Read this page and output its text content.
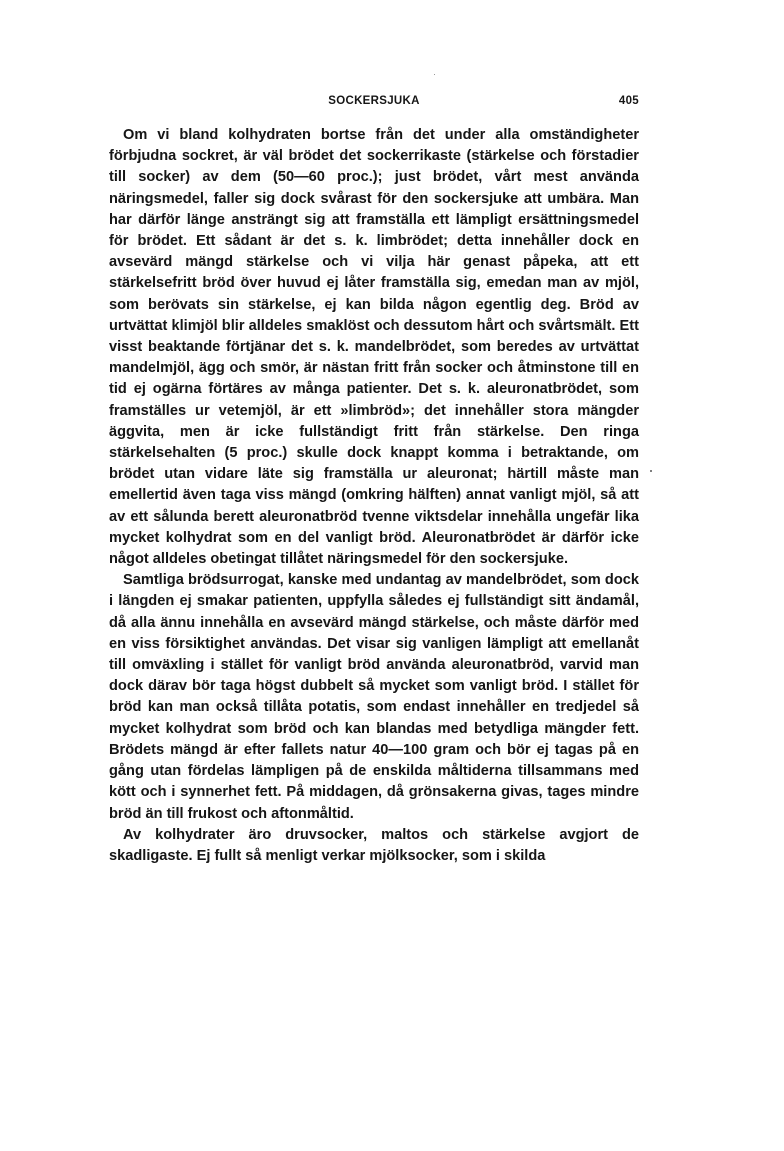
SOCKERSJUKA	405

Om vi bland kolhydraten bortse från det under alla omständigheter förbjudna sockret, är väl brödet det sockerrikaste (stärkelse och förstadier till socker) av dem (50—60 proc.); just brödet, vårt mest använda näringsmedel, faller sig dock svårast för den sockersjuke att umbära. Man har därför länge ansträngt sig att framställa ett lämpligt ersättningsmedel för brödet. Ett sådant är det s. k. limbrödet; detta innehåller dock en avsevärd mängd stärkelse och vi vilja här genast påpeka, att ett stärkelsefritt bröd över huvud ej låter framställa sig, emedan man av mjöl, som berövats sin stärkelse, ej kan bilda någon egentlig deg. Bröd av urtvättat klimjöl blir alldeles smaklöst och dessutom hårt och svårtsmält. Ett visst beaktande förtjänar det s. k. mandelbrödet, som beredes av urtvättat mandelmjöl, ägg och smör, är nästan fritt från socker och åtminstone till en tid ej ogärna förtäres av många patienter. Det s. k. aleuronatbrödet, som framställes ur vetemjöl, är ett »limbröd»; det innehåller stora mängder äggvita, men är icke fullständigt fritt från stärkelse. Den ringa stärkelsehalten (5 proc.) skulle dock knappt komma i betraktande, om brödet utan vidare läte sig framställa ur aleuronat; härtill måste man emellertid även taga viss mängd (omkring hälften) annat vanligt mjöl, så att av ett sålunda berett aleuronatbröd tvenne viktsdelar innehålla ungefär lika mycket kolhydrat som en del vanligt bröd. Aleuronatbrödet är därför icke något alldeles obetingat tillåtet näringsmedel för den sockersjuke.

Samtliga brödsurrogat, kanske med undantag av mandelbrödet, som dock i längden ej smakar patienten, uppfylla således ej fullständigt sitt ändamål, då alla ännu innehålla en avsevärd mängd stärkelse, och måste därför med en viss försiktighet användas. Det visar sig vanligen lämpligt att emellanåt till omväxling i stället för vanligt bröd använda aleuronatbröd, varvid man dock därav bör taga högst dubbelt så mycket som vanligt bröd. I stället för bröd kan man också tillåta potatis, som endast innehåller en tredjedel så mycket kolhydrat som bröd och kan blandas med betydliga mängder fett. Brödets mängd är efter fallets natur 40—100 gram och bör ej tagas på en gång utan fördelas lämpligen på de enskilda måltiderna tillsammans med kött och i synnerhet fett. På middagen, då grönsakerna givas, tages mindre bröd än till frukost och aftonmåltid.

Av kolhydrater äro druvsocker, maltos och stärkelse avgjort de skadligaste. Ej fullt så menligt verkar mjölksocker, som i skilda
